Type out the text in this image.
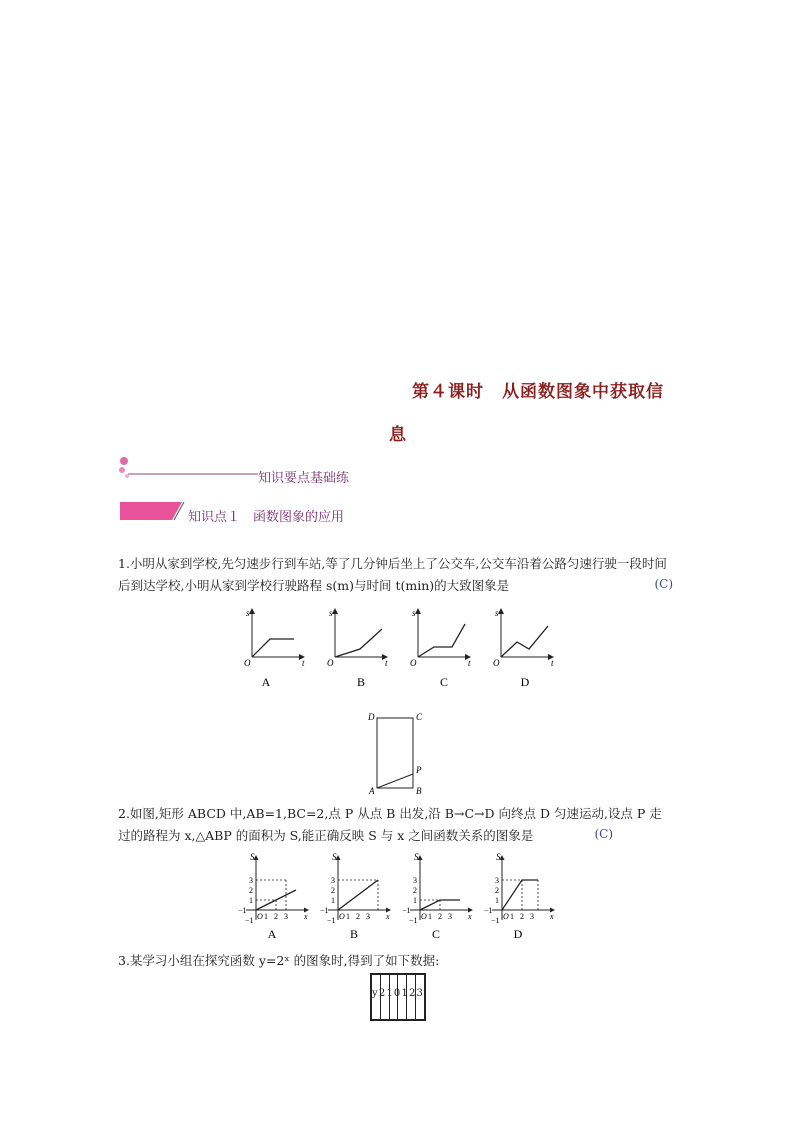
第４课时　从函数图象中获取信
息
知识要点基础练
知识点１　函数图象的应用
1.小明从家到学校,先匀速步行到车站,等了几分钟后坐上了公交车,公交车沿着公路匀速行驶一段时间后到达学校,小明从家到学校行驶路程 s(m)与时间 t(min)的大致图象是	(C)
s
t
O
A
s
t
O
B
s
t
O
C
s
t
O
D
D	C
P
A	B
2.如图,矩形 ABCD 中,AB=1,BC=2,点 P 从点 B 出发,沿 B→C→D 向终点 D 匀速运动,设点 P 走过的路程为 x,△ABP 的面积为 S,能正确反映 S 与 x 之间函数关系的图象是	(C)
S
x
O
−1
1 2 3
1
2
3
−1
A
S
x
O
−1
1 2 3
1
2
3
−1
B
S
x
O
−1
1 2 3
1
2
3
−1
C
S
x
O
−1
1 2 3
1
2
3
−1
D
3.某学习小组在探究函数 y=2ˣ 的图象时,得到了如下数据:
y 2 1 0 1 2 3
